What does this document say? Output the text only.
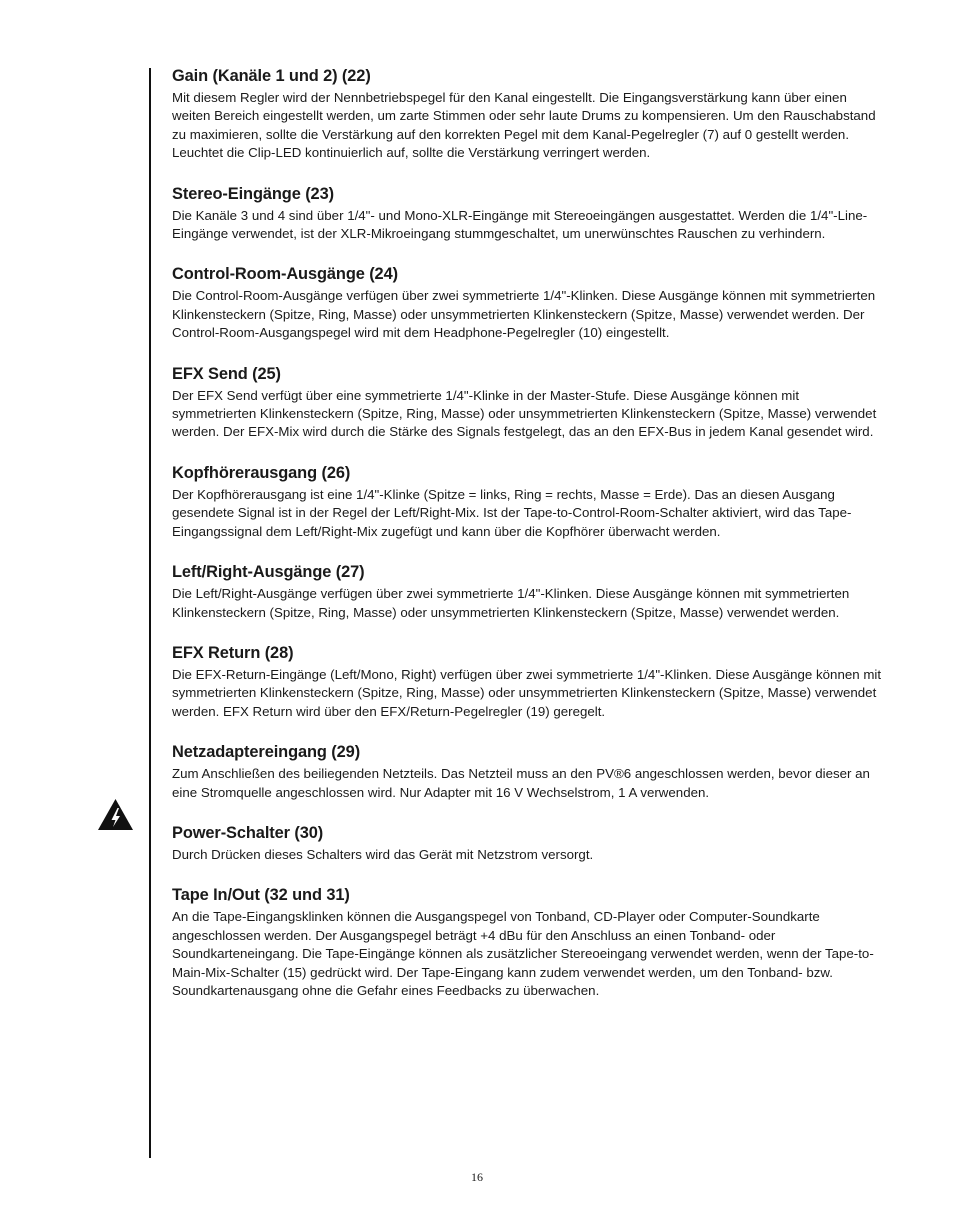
Gain (Kanäle 1 und 2) (22)

Mit diesem Regler wird der Nennbetriebspegel für den Kanal eingestellt. Die Eingangsverstärkung kann über einen weiten Bereich eingestellt werden, um zarte Stimmen oder sehr laute Drums zu kompensieren. Um den Rauschabstand zu maximieren, sollte die Verstärkung auf den korrekten Pegel mit dem Kanal-Pegelregler (7) auf 0 gestellt werden. Leuchtet die Clip-LED kontinuierlich auf, sollte die Verstärkung verringert werden.

Stereo-Eingänge (23)

Die Kanäle 3 und 4 sind über 1/4"- und Mono-XLR-Eingänge mit Stereoeingängen ausgestattet. Werden die 1/4"-Line-Eingänge verwendet, ist der XLR-Mikroeingang stummgeschaltet, um unerwünschtes Rauschen zu verhindern.

Control-Room-Ausgänge (24)

Die Control-Room-Ausgänge verfügen über zwei symmetrierte 1/4"-Klinken. Diese Ausgänge können mit symmetrierten Klinkensteckern (Spitze, Ring, Masse) oder unsymmetrierten Klinkensteckern (Spitze, Masse) verwendet werden. Der Control-Room-Ausgangspegel wird mit dem Headphone-Pegelregler (10) eingestellt.

EFX Send (25)

Der EFX Send verfügt über eine symmetrierte 1/4"-Klinke in der Master-Stufe. Diese Ausgänge können mit symmetrierten Klinkensteckern (Spitze, Ring, Masse) oder unsymmetrierten Klinkensteckern (Spitze, Masse) verwendet werden. Der EFX-Mix wird durch die Stärke des Signals festgelegt, das an den EFX-Bus in jedem Kanal gesendet wird.

Kopfhörerausgang (26)

Der Kopfhörerausgang ist eine 1/4"-Klinke (Spitze = links, Ring = rechts, Masse = Erde). Das an diesen Ausgang gesendete Signal ist in der Regel der Left/Right-Mix. Ist der Tape-to-Control-Room-Schalter aktiviert, wird das Tape-Eingangssignal dem Left/Right-Mix zugefügt und kann über die Kopfhörer überwacht werden.

Left/Right-Ausgänge (27)

Die Left/Right-Ausgänge verfügen über zwei symmetrierte 1/4"-Klinken. Diese Ausgänge können mit symmetrierten Klinkensteckern (Spitze, Ring, Masse) oder unsymmetrierten Klinkensteckern (Spitze, Masse) verwendet werden.

EFX Return (28)

Die EFX-Return-Eingänge (Left/Mono, Right) verfügen über zwei symmetrierte 1/4"-Klinken. Diese Ausgänge können mit symmetrierten Klinkensteckern (Spitze, Ring, Masse) oder unsymmetrierten Klinkensteckern (Spitze, Masse) verwendet werden. EFX Return wird über den EFX/Return-Pegelregler (19) geregelt.

Netzadaptereingang (29)

Zum Anschließen des beiliegenden Netzteils. Das Netzteil muss an den PV®6 angeschlossen werden, bevor dieser an eine Stromquelle angeschlossen wird. Nur Adapter mit 16 V Wechselstrom, 1 A verwenden.

Power-Schalter (30)

Durch Drücken dieses Schalters wird das Gerät mit Netzstrom versorgt.

Tape In/Out (32 und 31)

An die Tape-Eingangsklinken können die Ausgangspegel von Tonband, CD-Player oder Computer-Soundkarte angeschlossen werden. Der Ausgangspegel beträgt +4 dBu für den Anschluss an einen Tonband- oder Soundkarteneingang. Die Tape-Eingänge können als zusätzlicher Stereoeingang verwendet werden, wenn der Tape-to-Main-Mix-Schalter (15) gedrückt wird. Der Tape-Eingang kann zudem verwendet werden, um den Tonband- bzw. Soundkartenausgang ohne die Gefahr eines Feedbacks zu überwachen.

16
